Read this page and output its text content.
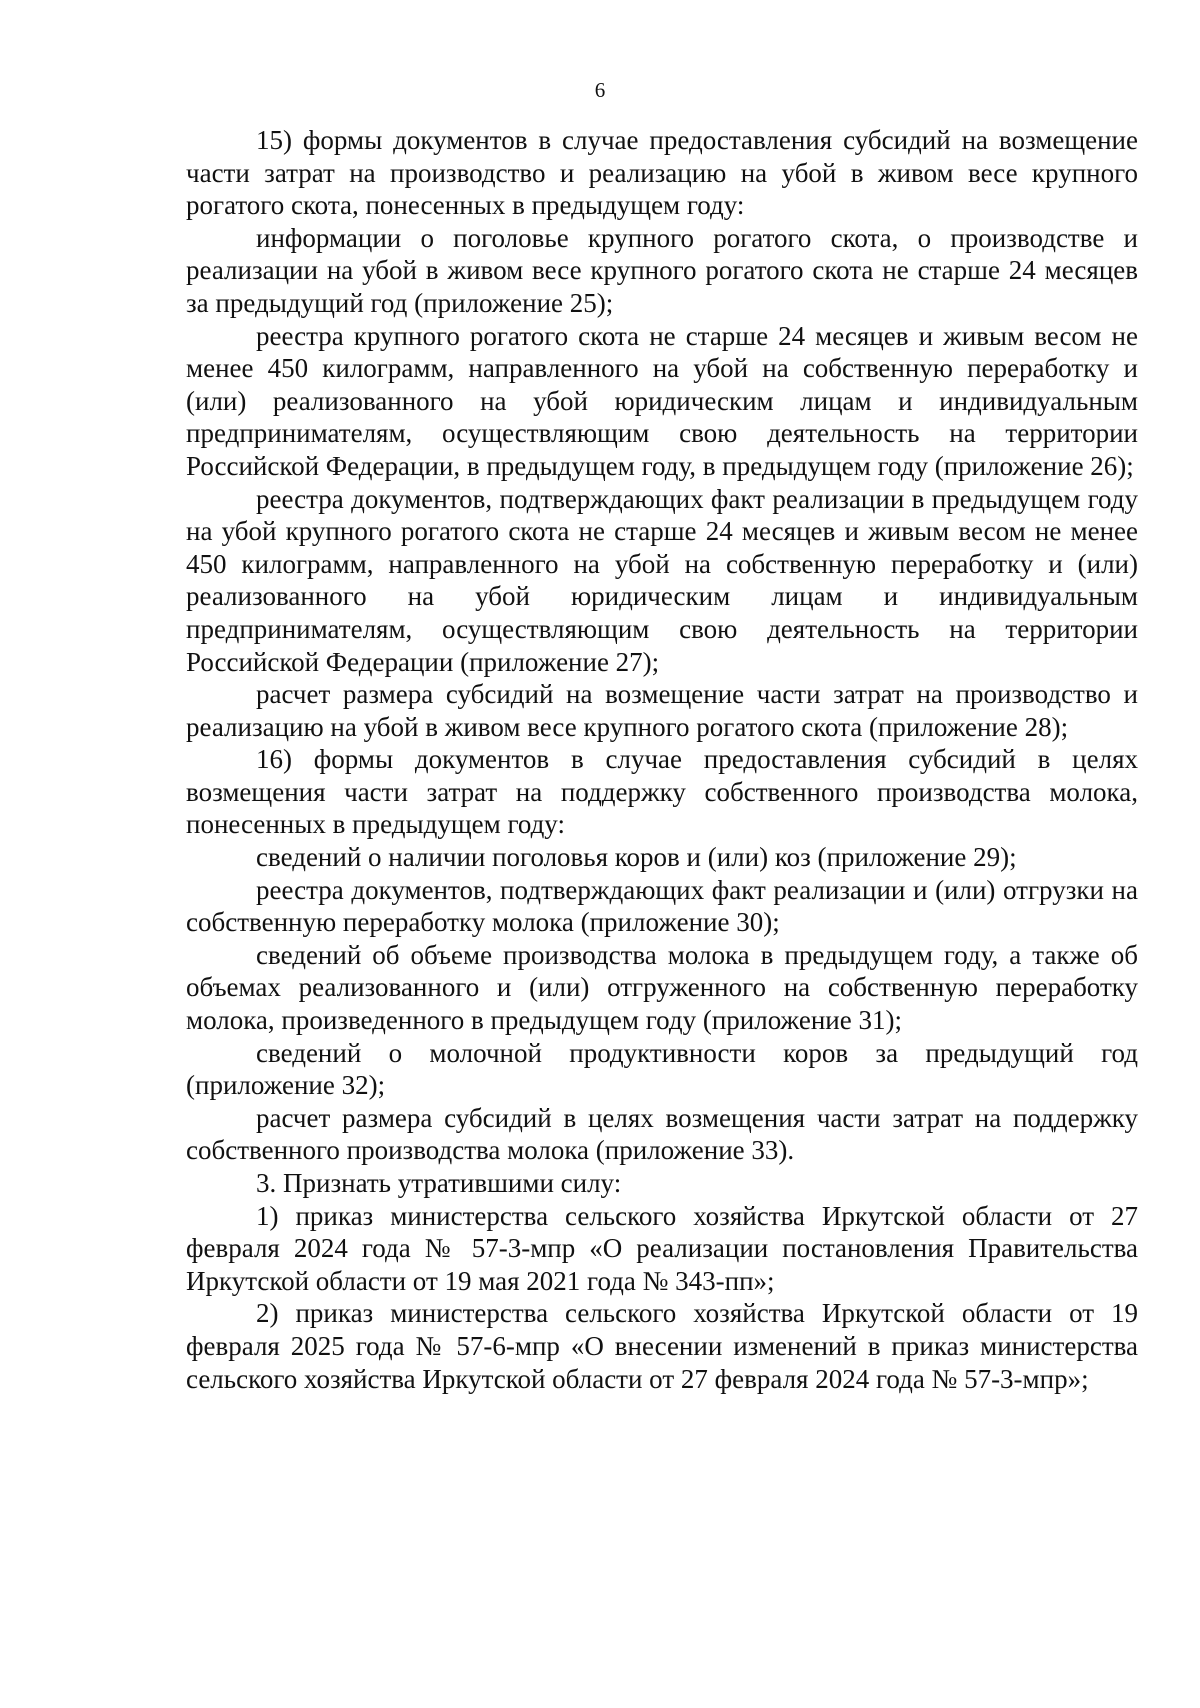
6

15) формы документов в случае предоставления субсидий на возмещение части затрат на производство и реализацию на убой в живом весе крупного рогатого скота, понесенных в предыдущем году:

информации о поголовье крупного рогатого скота, о производстве и реализации на убой в живом весе крупного рогатого скота не старше 24 месяцев за предыдущий год (приложение 25);

реестра крупного рогатого скота не старше 24 месяцев и живым весом не менее 450 килограмм, направленного на убой на собственную переработку и (или) реализованного на убой юридическим лицам и индивидуальным предпринимателям, осуществляющим свою деятельность на территории Российской Федерации, в предыдущем году, в предыдущем году (приложение 26);

реестра документов, подтверждающих факт реализации в предыдущем году на убой крупного рогатого скота не старше 24 месяцев и живым весом не менее 450 килограмм, направленного на убой на собственную переработку и (или) реализованного на убой юридическим лицам и индивидуальным предпринимателям, осуществляющим свою деятельность на территории Российской Федерации (приложение 27);

расчет размера субсидий на возмещение части затрат на производство и реализацию на убой в живом весе крупного рогатого скота (приложение 28);

16) формы документов в случае предоставления субсидий в целях возмещения части затрат на поддержку собственного производства молока, понесенных в предыдущем году:

сведений о наличии поголовья коров и (или) коз (приложение 29);

реестра документов, подтверждающих факт реализации и (или) отгрузки на собственную переработку молока (приложение 30);

сведений об объеме производства молока в предыдущем году, а также об объемах реализованного и (или) отгруженного на собственную переработку молока, произведенного в предыдущем году (приложение 31);

сведений о молочной продуктивности коров за предыдущий год (приложение 32);

расчет размера субсидий в целях возмещения части затрат на поддержку собственного производства молока (приложение 33).

3. Признать утратившими силу:

1) приказ министерства сельского хозяйства Иркутской области от 27 февраля 2024 года № 57-3-мпр «О реализации постановления Правительства Иркутской области от 19 мая 2021 года № 343-пп»;

2) приказ министерства сельского хозяйства Иркутской области от 19 февраля 2025 года № 57-6-мпр «О внесении изменений в приказ министерства сельского хозяйства Иркутской области от 27 февраля 2024 года № 57-3-мпр»;
